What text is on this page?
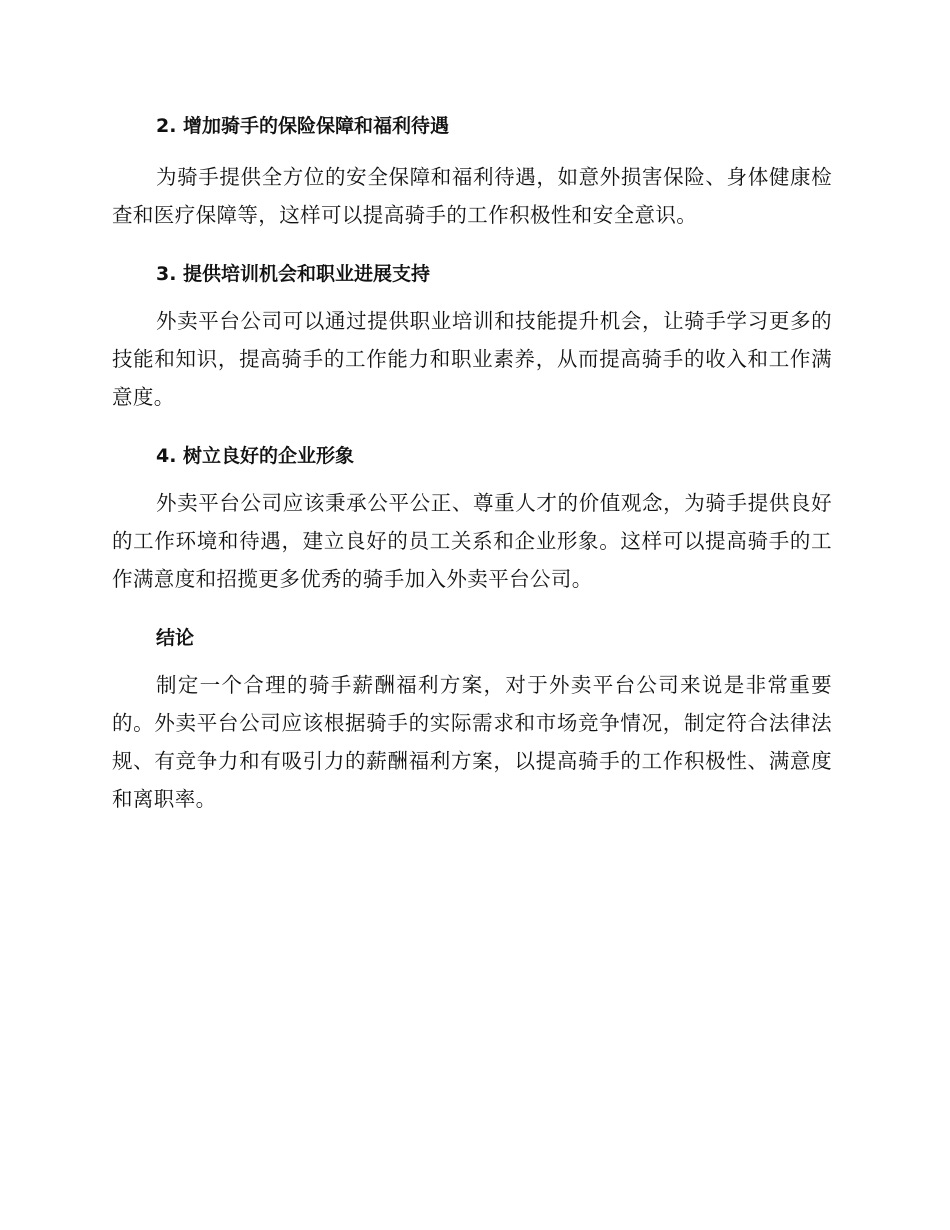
2. 增加骑手的保险保障和福利待遇

为骑手提供全方位的安全保障和福利待遇，如意外损害保险、身体健康检查和医疗保障等，这样可以提高骑手的工作积极性和安全意识。

3. 提供培训机会和职业进展支持

外卖平台公司可以通过提供职业培训和技能提升机会，让骑手学习更多的技能和知识，提高骑手的工作能力和职业素养，从而提高骑手的收入和工作满意度。

4. 树立良好的企业形象

外卖平台公司应该秉承公平公正、尊重人才的价值观念，为骑手提供良好的工作环境和待遇，建立良好的员工关系和企业形象。这样可以提高骑手的工作满意度和招揽更多优秀的骑手加入外卖平台公司。

结论

制定一个合理的骑手薪酬福利方案，对于外卖平台公司来说是非常重要的。外卖平台公司应该根据骑手的实际需求和市场竞争情况，制定符合法律法规、有竞争力和有吸引力的薪酬福利方案，以提高骑手的工作积极性、满意度和离职率。
